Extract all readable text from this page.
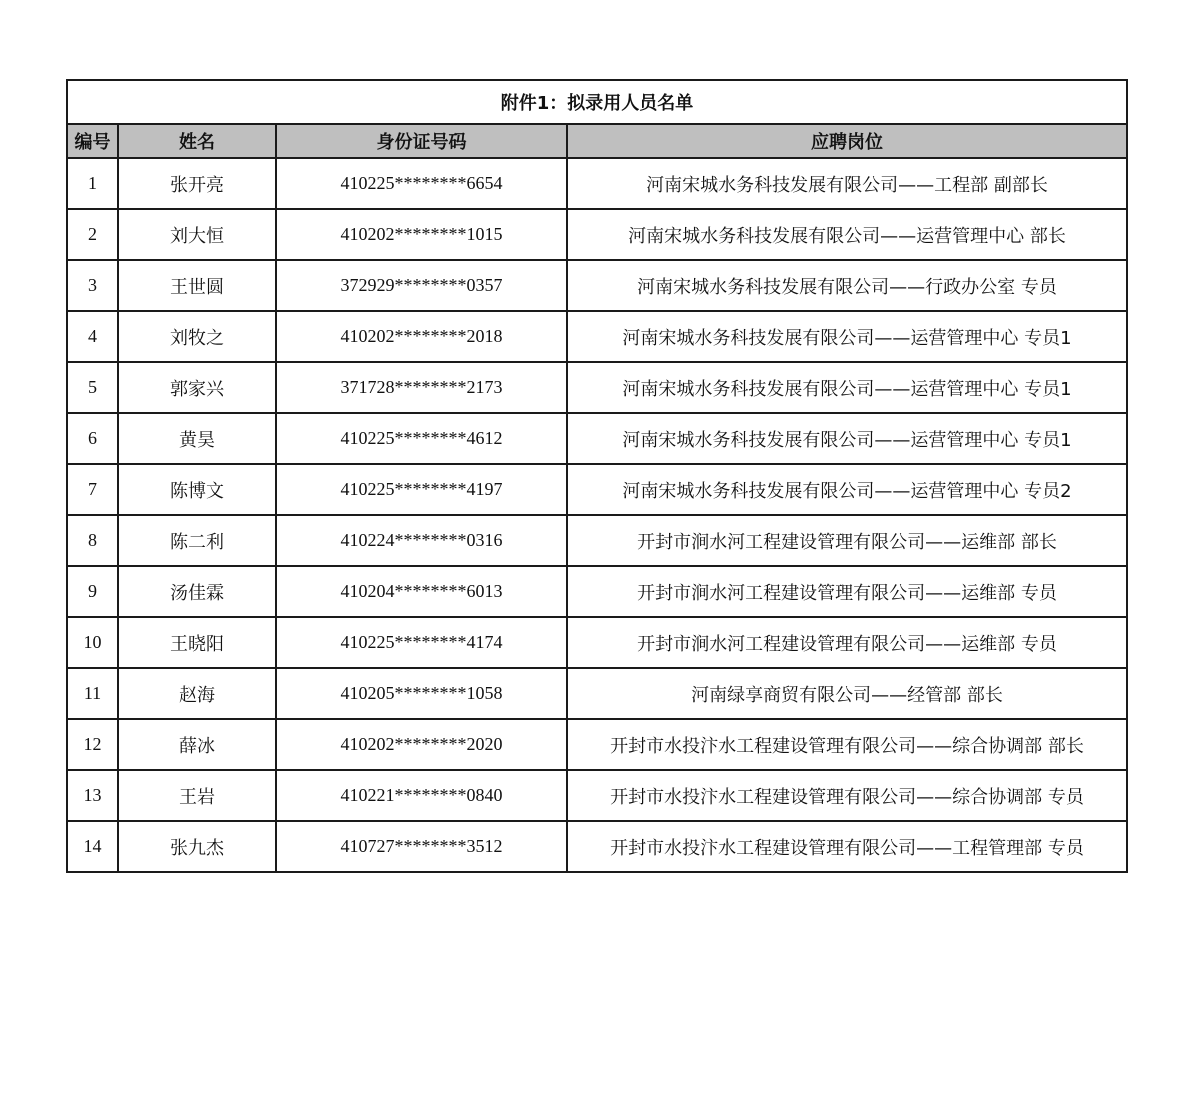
附件1：拟录用人员名单			
编号	姓名	身份证号码	应聘岗位
1	张开亮	410225********6654	河南宋城水务科技发展有限公司——工程部 副部长
2	刘大恒	410202********1015	河南宋城水务科技发展有限公司——运营管理中心 部长
3	王世圆	372929********0357	河南宋城水务科技发展有限公司——行政办公室 专员
4	刘牧之	410202********2018	河南宋城水务科技发展有限公司——运营管理中心 专员1
5	郭家兴	371728********2173	河南宋城水务科技发展有限公司——运营管理中心 专员1
6	黄昊	410225********4612	河南宋城水务科技发展有限公司——运营管理中心 专员1
7	陈博文	410225********4197	河南宋城水务科技发展有限公司——运营管理中心 专员2
8	陈二利	410224********0316	开封市涧水河工程建设管理有限公司——运维部 部长
9	汤佳霖	410204********6013	开封市涧水河工程建设管理有限公司——运维部 专员
10	王晓阳	410225********4174	开封市涧水河工程建设管理有限公司——运维部 专员
11	赵海	410205********1058	河南绿享商贸有限公司——经管部 部长
12	薛冰	410202********2020	开封市水投汴水工程建设管理有限公司——综合协调部 部长
13	王岩	410221********0840	开封市水投汴水工程建设管理有限公司——综合协调部 专员
14	张九杰	410727********3512	开封市水投汴水工程建设管理有限公司——工程管理部 专员
